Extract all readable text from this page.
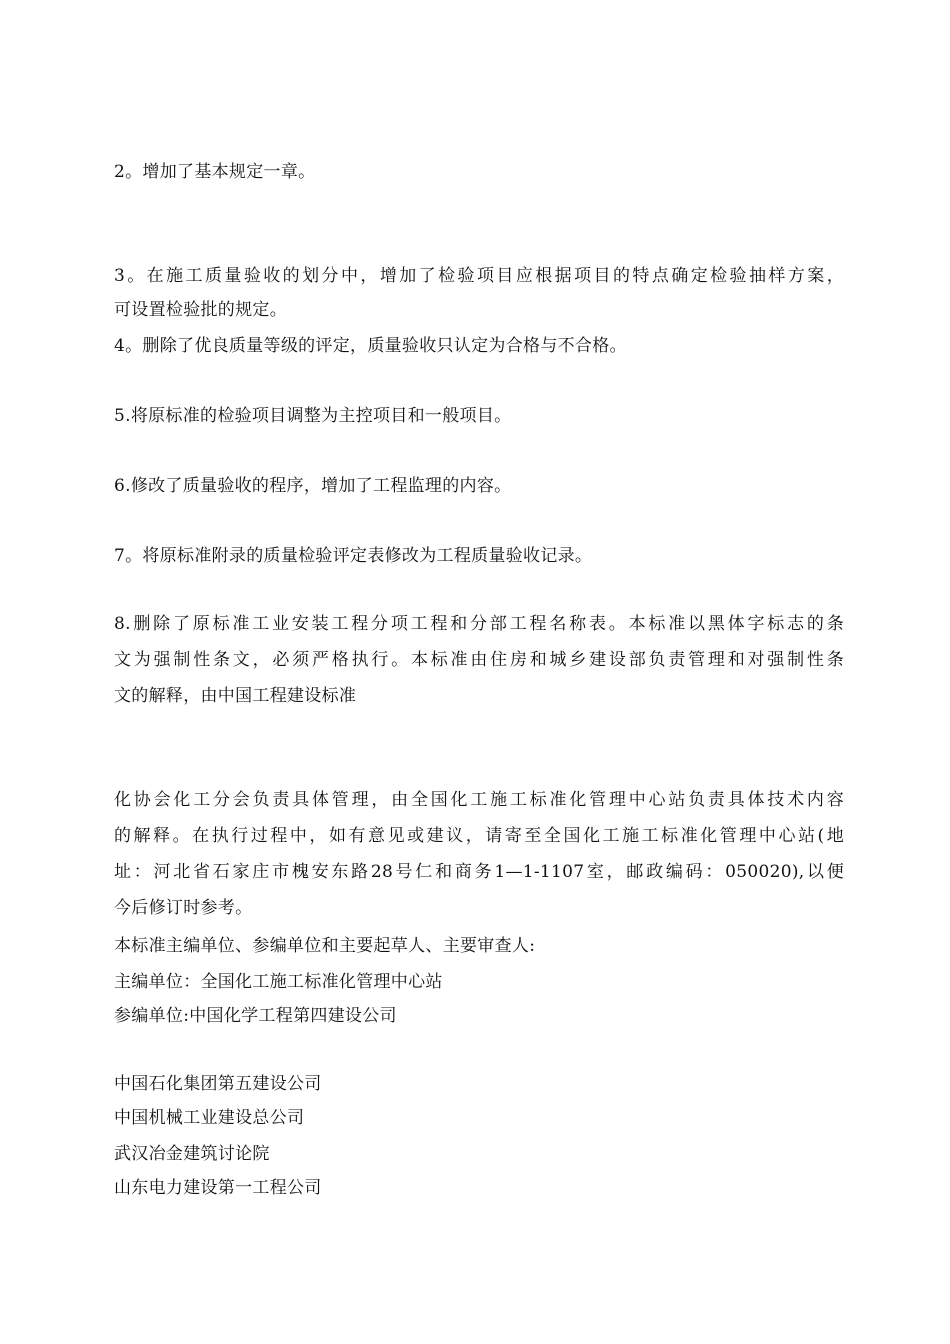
2。增加了基本规定一章。
3。在施工质量验收的划分中，增加了检验项目应根据项目的特点确定检验抽样方案，
可设置检验批的规定。
4。删除了优良质量等级的评定，质量验收只认定为合格与不合格。
5.将原标准的检验项目调整为主控项目和一般项目。
6.修改了质量验收的程序，增加了工程监理的内容。
7。将原标准附录的质量检验评定表修改为工程质量验收记录。
8.删除了原标准工业安装工程分项工程和分部工程名称表。本标准以黑体字标志的条
文为强制性条文，必须严格执行。本标准由住房和城乡建设部负责管理和对强制性条
文的解释，由中国工程建设标准
化协会化工分会负责具体管理，由全国化工施工标准化管理中心站负责具体技术内容
的解释。在执行过程中，如有意见或建议，请寄至全国化工施工标准化管理中心站(地
址：河北省石家庄市槐安东路28号仁和商务1—1-1107室，邮政编码：050020),以便
今后修订时参考。
本标准主编单位、参编单位和主要起草人、主要审查人:
主编单位：全国化工施工标准化管理中心站
参编单位:中国化学工程第四建设公司
中国石化集团第五建设公司
中国机械工业建设总公司
武汉冶金建筑讨论院
山东电力建设第一工程公司
